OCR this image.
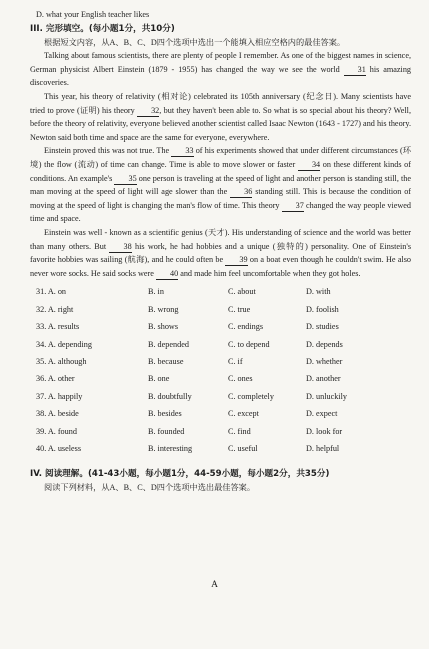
D. what your English teacher likes
III. 完形填空。(每小题1分，共10分)
根据短文内容，从A、B、C、D四个选项中选出一个能填入相应空格内的最佳答案。
Talking about famous scientists, there are plenty of people I remember. As one of the biggest names in science, German physicist Albert Einstein (1879 - 1955) has changed the way we see the world 31 his amazing discoveries.
This year, his theory of relativity (相对论) celebrated its 105th anniversary (纪念日). Many scientists have tried to prove (证明) his theory 32, but they haven't been able to. So what is so special about his theory? Well, before the theory of relativity, everyone believed another scientist called Isaac Newton (1643 - 1727) and his theory. Newton said both time and space are the same for everyone, everywhere.
Einstein proved this was not true. The 33 of his experiments showed that under different circumstances (环境) the flow (流动) of time can change. Time is able to move slower or faster 34 on these different kinds of conditions. An example's 35 one person is traveling at the speed of light and another person is standing still, the man moving at the speed of light will age slower than the 36 standing still. This is because the condition of moving at the speed of light is changing the man's flow of time. This theory 37 changed the way people viewed time and space.
Einstein was well - known as a scientific genius (天才). His understanding of science and the world was better than many others. But 38 his work, he had hobbies and a unique (独特的) personality. One of Einstein's favorite hobbies was sailing (航海), and he could often be 39 on a boat even though he couldn't swim. He also never wore socks. He said socks were 40 and made him feel uncomfortable when they got holes.
31. A. on	B. in	C. about	D. with
32. A. right	B. wrong	C. true	D. foolish
33. A. results	B. shows	C. endings	D. studies
34. A. depending	B. depended	C. to depend	D. depends
35. A. although	B. because	C. if	D. whether
36. A. other	B. one	C. ones	D. another
37. A. happily	B. doubtfully	C. completely	D. unluckily
38. A. beside	B. besides	C. except	D. expect
39. A. found	B. founded	C. find	D. look for
40. A. useless	B. interesting	C. useful	D. helpful
IV. 阅读理解。(41-43小题，每小题1分，44-59小题，每小题2分，共35分)
阅读下列材料，从A、B、C、D四个选项中选出最佳答案。
A
